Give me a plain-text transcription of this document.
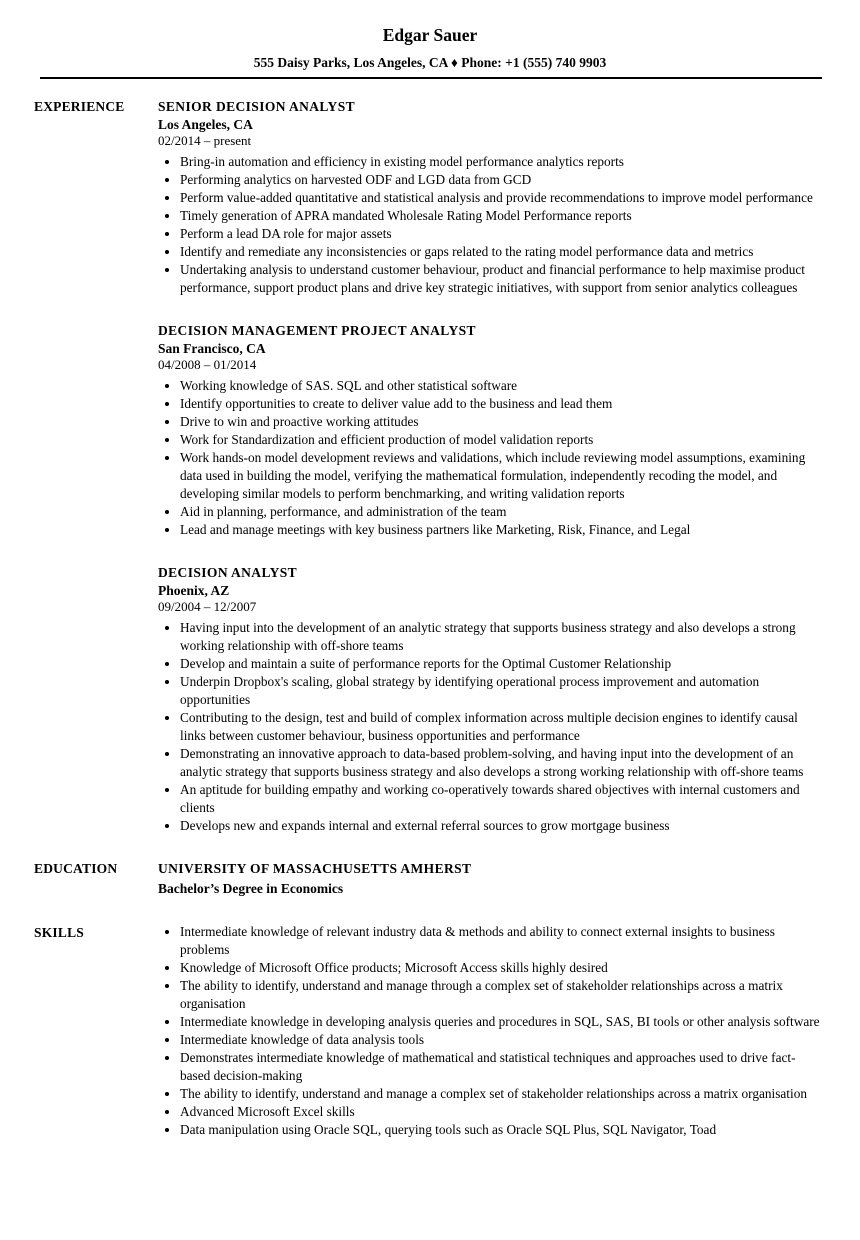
Edgar Sauer
555 Daisy Parks, Los Angeles, CA ♦ Phone: +1 (555) 740 9903
EXPERIENCE	SENIOR DECISION ANALYST
Los Angeles, CA
02/2014 – present
• Bring-in automation and efficiency in existing model performance analytics reports
• Performing analytics on harvested ODF and LGD data from GCD
• Perform value-added quantitative and statistical analysis and provide recommendations to improve model performance
• Timely generation of APRA mandated Wholesale Rating Model Performance reports
• Perform a lead DA role for major assets
• Identify and remediate any inconsistencies or gaps related to the rating model performance data and metrics
• Undertaking analysis to understand customer behaviour, product and financial performance to help maximise product performance, support product plans and drive key strategic initiatives, with support from senior analytics colleagues
DECISION MANAGEMENT PROJECT ANALYST
San Francisco, CA
04/2008 – 01/2014
• Working knowledge of SAS. SQL and other statistical software
• Identify opportunities to create to deliver value add to the business and lead them
• Drive to win and proactive working attitudes
• Work for Standardization and efficient production of model validation reports
• Work hands-on model development reviews and validations, which include reviewing model assumptions, examining data used in building the model, verifying the mathematical formulation, independently recoding the model, and developing similar models to perform benchmarking, and writing validation reports
• Aid in planning, performance, and administration of the team
• Lead and manage meetings with key business partners like Marketing, Risk, Finance, and Legal
DECISION ANALYST
Phoenix, AZ
09/2004 – 12/2007
• Having input into the development of an analytic strategy that supports business strategy and also develops a strong working relationship with off-shore teams
• Develop and maintain a suite of performance reports for the Optimal Customer Relationship
• Underpin Dropbox's scaling, global strategy by identifying operational process improvement and automation opportunities
• Contributing to the design, test and build of complex information across multiple decision engines to identify causal links between customer behaviour, business opportunities and performance
• Demonstrating an innovative approach to data-based problem-solving, and having input into the development of an analytic strategy that supports business strategy and also develops a strong working relationship with off-shore teams
• An aptitude for building empathy and working co-operatively towards shared objectives with internal customers and clients
• Develops new and expands internal and external referral sources to grow mortgage business
EDUCATION	UNIVERSITY OF MASSACHUSETTS AMHERST
Bachelor’s Degree in Economics
SKILLS	• Intermediate knowledge of relevant industry data & methods and ability to connect external insights to business problems
• Knowledge of Microsoft Office products; Microsoft Access skills highly desired
• The ability to identify, understand and manage through a complex set of stakeholder relationships across a matrix organisation
• Intermediate knowledge in developing analysis queries and procedures in SQL, SAS, BI tools or other analysis software
• Intermediate knowledge of data analysis tools
• Demonstrates intermediate knowledge of mathematical and statistical techniques and approaches used to drive fact-based decision-making
• The ability to identify, understand and manage a complex set of stakeholder relationships across a matrix organisation
• Advanced Microsoft Excel skills
• Data manipulation using Oracle SQL, querying tools such as Oracle SQL Plus, SQL Navigator, Toad
